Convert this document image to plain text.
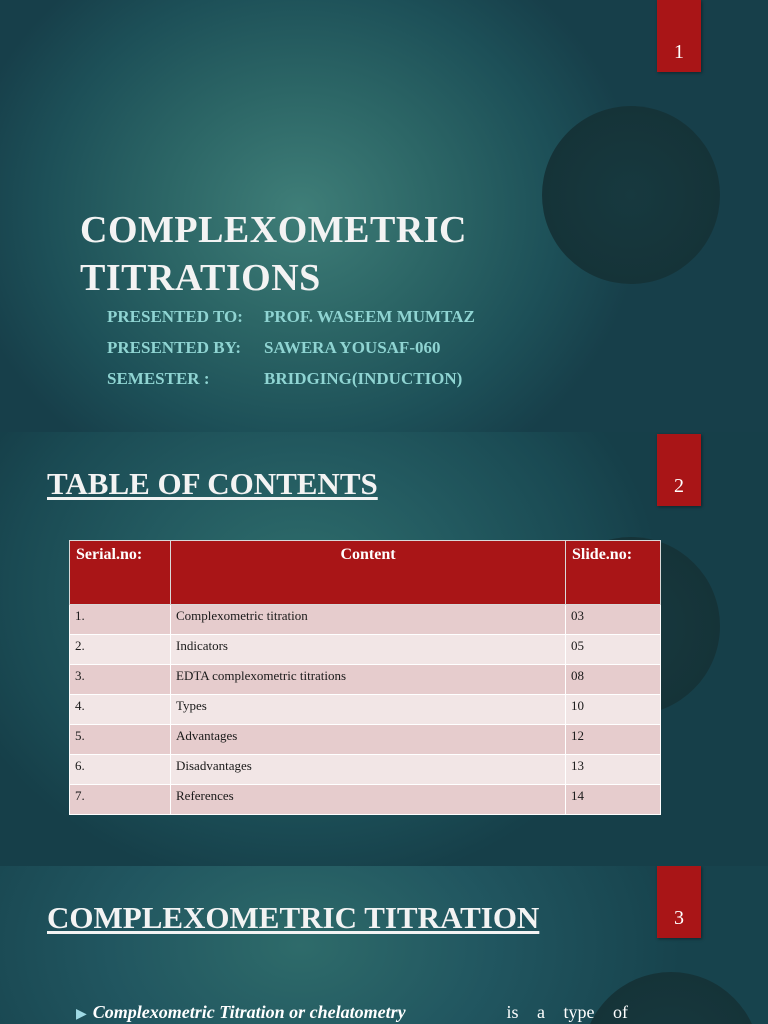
1
COMPLEXOMETRIC TITRATIONS
PRESENTED TO: PROF. WASEEM MUMTAZ
PRESENTED BY: SAWERA YOUSAF-060
SEMESTER :	BRIDGING(INDUCTION)
2
TABLE OF CONTENTS
Serial.no:	Content	Slide.no:
1.	Complexometric titration	03
2.	Indicators	05
3.	EDTA complexometric titrations	08
4.	Types	10
5.	Advantages	12
6.	Disadvantages	13
7.	References	14
3
COMPLEXOMETRIC TITRATION
▶ Complexometric Titration or chelatometry	is a type of
